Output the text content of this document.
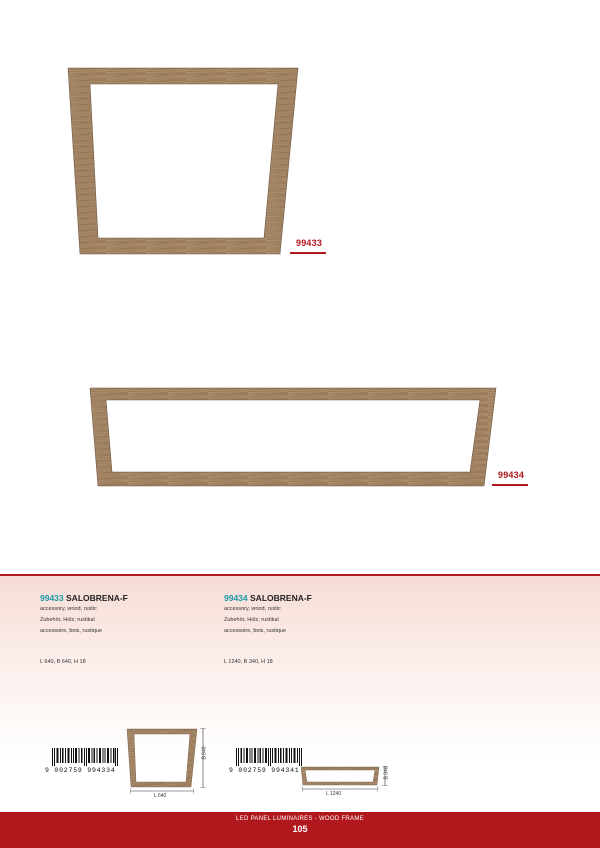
99433
99434
99433 SALOBRENA-F
accessory, wood, rustic
Zubehör, Holz, rustikal
accessoire, bois, rustique
L 640, B 640, H 18
99434 SALOBRENA-F
accessory, wood, rustic
Zubehör, Holz, rustikal
accessoire, bois, rustique
L 1240, B 340, H 18
9 002759 994334	9 002759 994341
B 640
L 640
B 340
L 1240
LED PANEL LUMINAIRES - WOOD FRAME
105
